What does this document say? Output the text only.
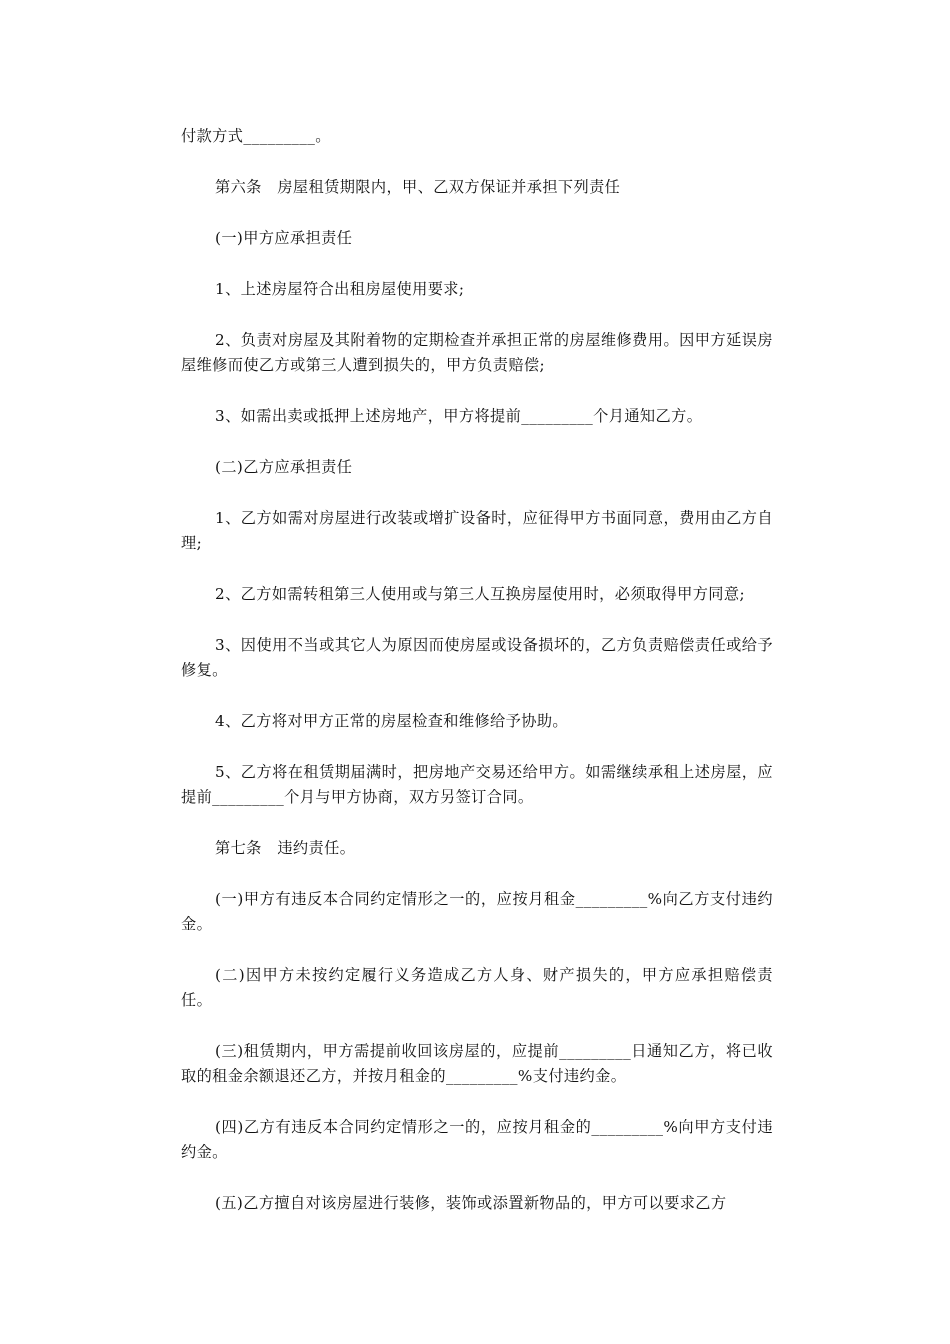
付款方式_________。

第六条　房屋租赁期限内，甲、乙双方保证并承担下列责任

(一)甲方应承担责任

1、上述房屋符合出租房屋使用要求;

2、负责对房屋及其附着物的定期检查并承担正常的房屋维修费用。因甲方延误房屋维修而使乙方或第三人遭到损失的，甲方负责赔偿;

3、如需出卖或抵押上述房地产，甲方将提前_________个月通知乙方。

(二)乙方应承担责任

1、乙方如需对房屋进行改装或增扩设备时，应征得甲方书面同意，费用由乙方自理;

2、乙方如需转租第三人使用或与第三人互换房屋使用时，必须取得甲方同意;

3、因使用不当或其它人为原因而使房屋或设备损坏的，乙方负责赔偿责任或给予修复。

4、乙方将对甲方正常的房屋检查和维修给予协助。

5、乙方将在租赁期届满时，把房地产交易还给甲方。如需继续承租上述房屋，应提前_________个月与甲方协商，双方另签订合同。

第七条　违约责任。

(一)甲方有违反本合同约定情形之一的，应按月租金_________%向乙方支付违约金。

(二)因甲方未按约定履行义务造成乙方人身、财产损失的，甲方应承担赔偿责任。

(三)租赁期内，甲方需提前收回该房屋的，应提前_________日通知乙方，将已收取的租金余额退还乙方，并按月租金的_________%支付违约金。

(四)乙方有违反本合同约定情形之一的，应按月租金的_________%向甲方支付违约金。

(五)乙方擅自对该房屋进行装修，装饰或添置新物品的，甲方可以要求乙方
